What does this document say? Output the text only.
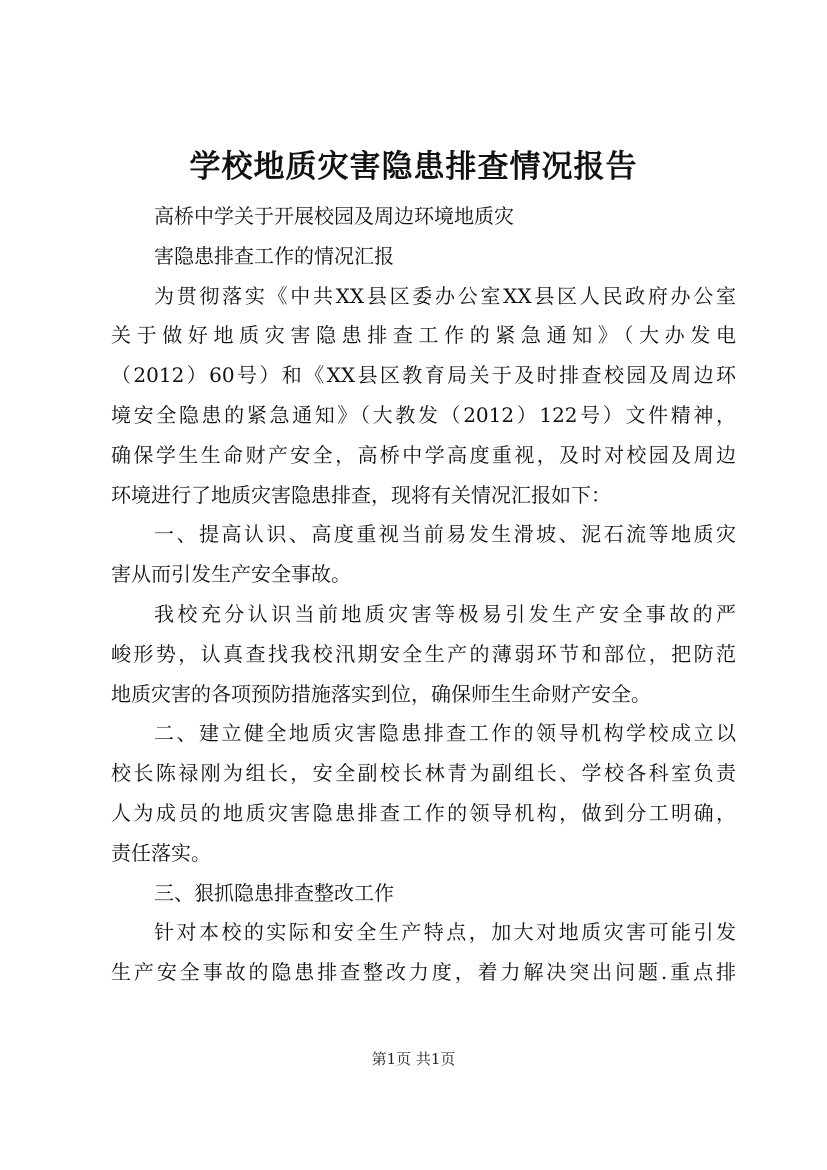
学校地质灾害隐患排查情况报告
高桥中学关于开展校园及周边环境地质灾
害隐患排查工作的情况汇报
为贯彻落实《中共XX县区委办公室XX县区人民政府办公室
关于做好地质灾害隐患排查工作的紧急通知》（大办发电
（2012）60号）和《XX县区教育局关于及时排查校园及周边环
境安全隐患的紧急通知》（大教发（2012）122号）文件精神，
确保学生生命财产安全，高桥中学高度重视，及时对校园及周边
环境进行了地质灾害隐患排查，现将有关情况汇报如下：
一、提高认识、高度重视当前易发生滑坡、泥石流等地质灾
害从而引发生产安全事故。
我校充分认识当前地质灾害等极易引发生产安全事故的严
峻形势，认真查找我校汛期安全生产的薄弱环节和部位，把防范
地质灾害的各项预防措施落实到位，确保师生生命财产安全。
二、建立健全地质灾害隐患排查工作的领导机构学校成立以
校长陈禄刚为组长，安全副校长林青为副组长、学校各科室负责
人为成员的地质灾害隐患排查工作的领导机构，做到分工明确，
责任落实。
三、狠抓隐患排查整改工作
针对本校的实际和安全生产特点，加大对地质灾害可能引发
生产安全事故的隐患排查整改力度，着力解决突出问题.重点排
第1页 共1页
